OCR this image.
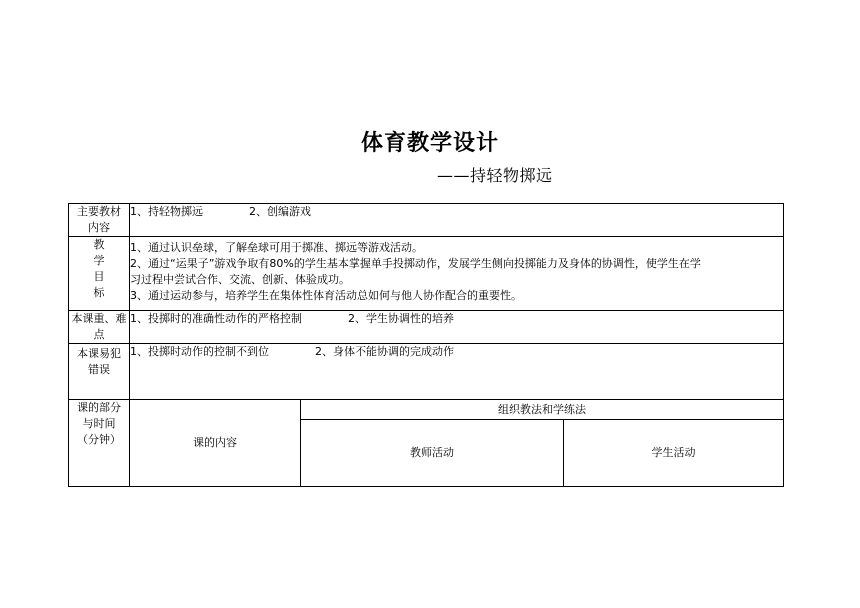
体育教学设计
——持轻物掷远
主要教材内容	1、持轻物掷远 2、创编游戏		
教学目标	1、通过认识垒球，了解垒球可用于掷准、掷远等游戏活动。
2、通过“运果子”游戏争取有80%的学生基本掌握单手投掷动作，发展学生侧向投掷能力及身体的协调性，使学生在学
习过程中尝试合作、交流、创新、体验成功。
3、通过运动参与，培养学生在集体性体育活动总如何与他人协作配合的重要性。		

本课重、难点	1、投掷时的准确性动作的严格控制 2、学生协调性的培养		
本课易犯错误	1、投掷时动作的控制不到位 2、身体不能协调的完成动作		
课的部分与时间（分钟）	课的内容	组织教法和学练法	
		教师活动	学生活动
